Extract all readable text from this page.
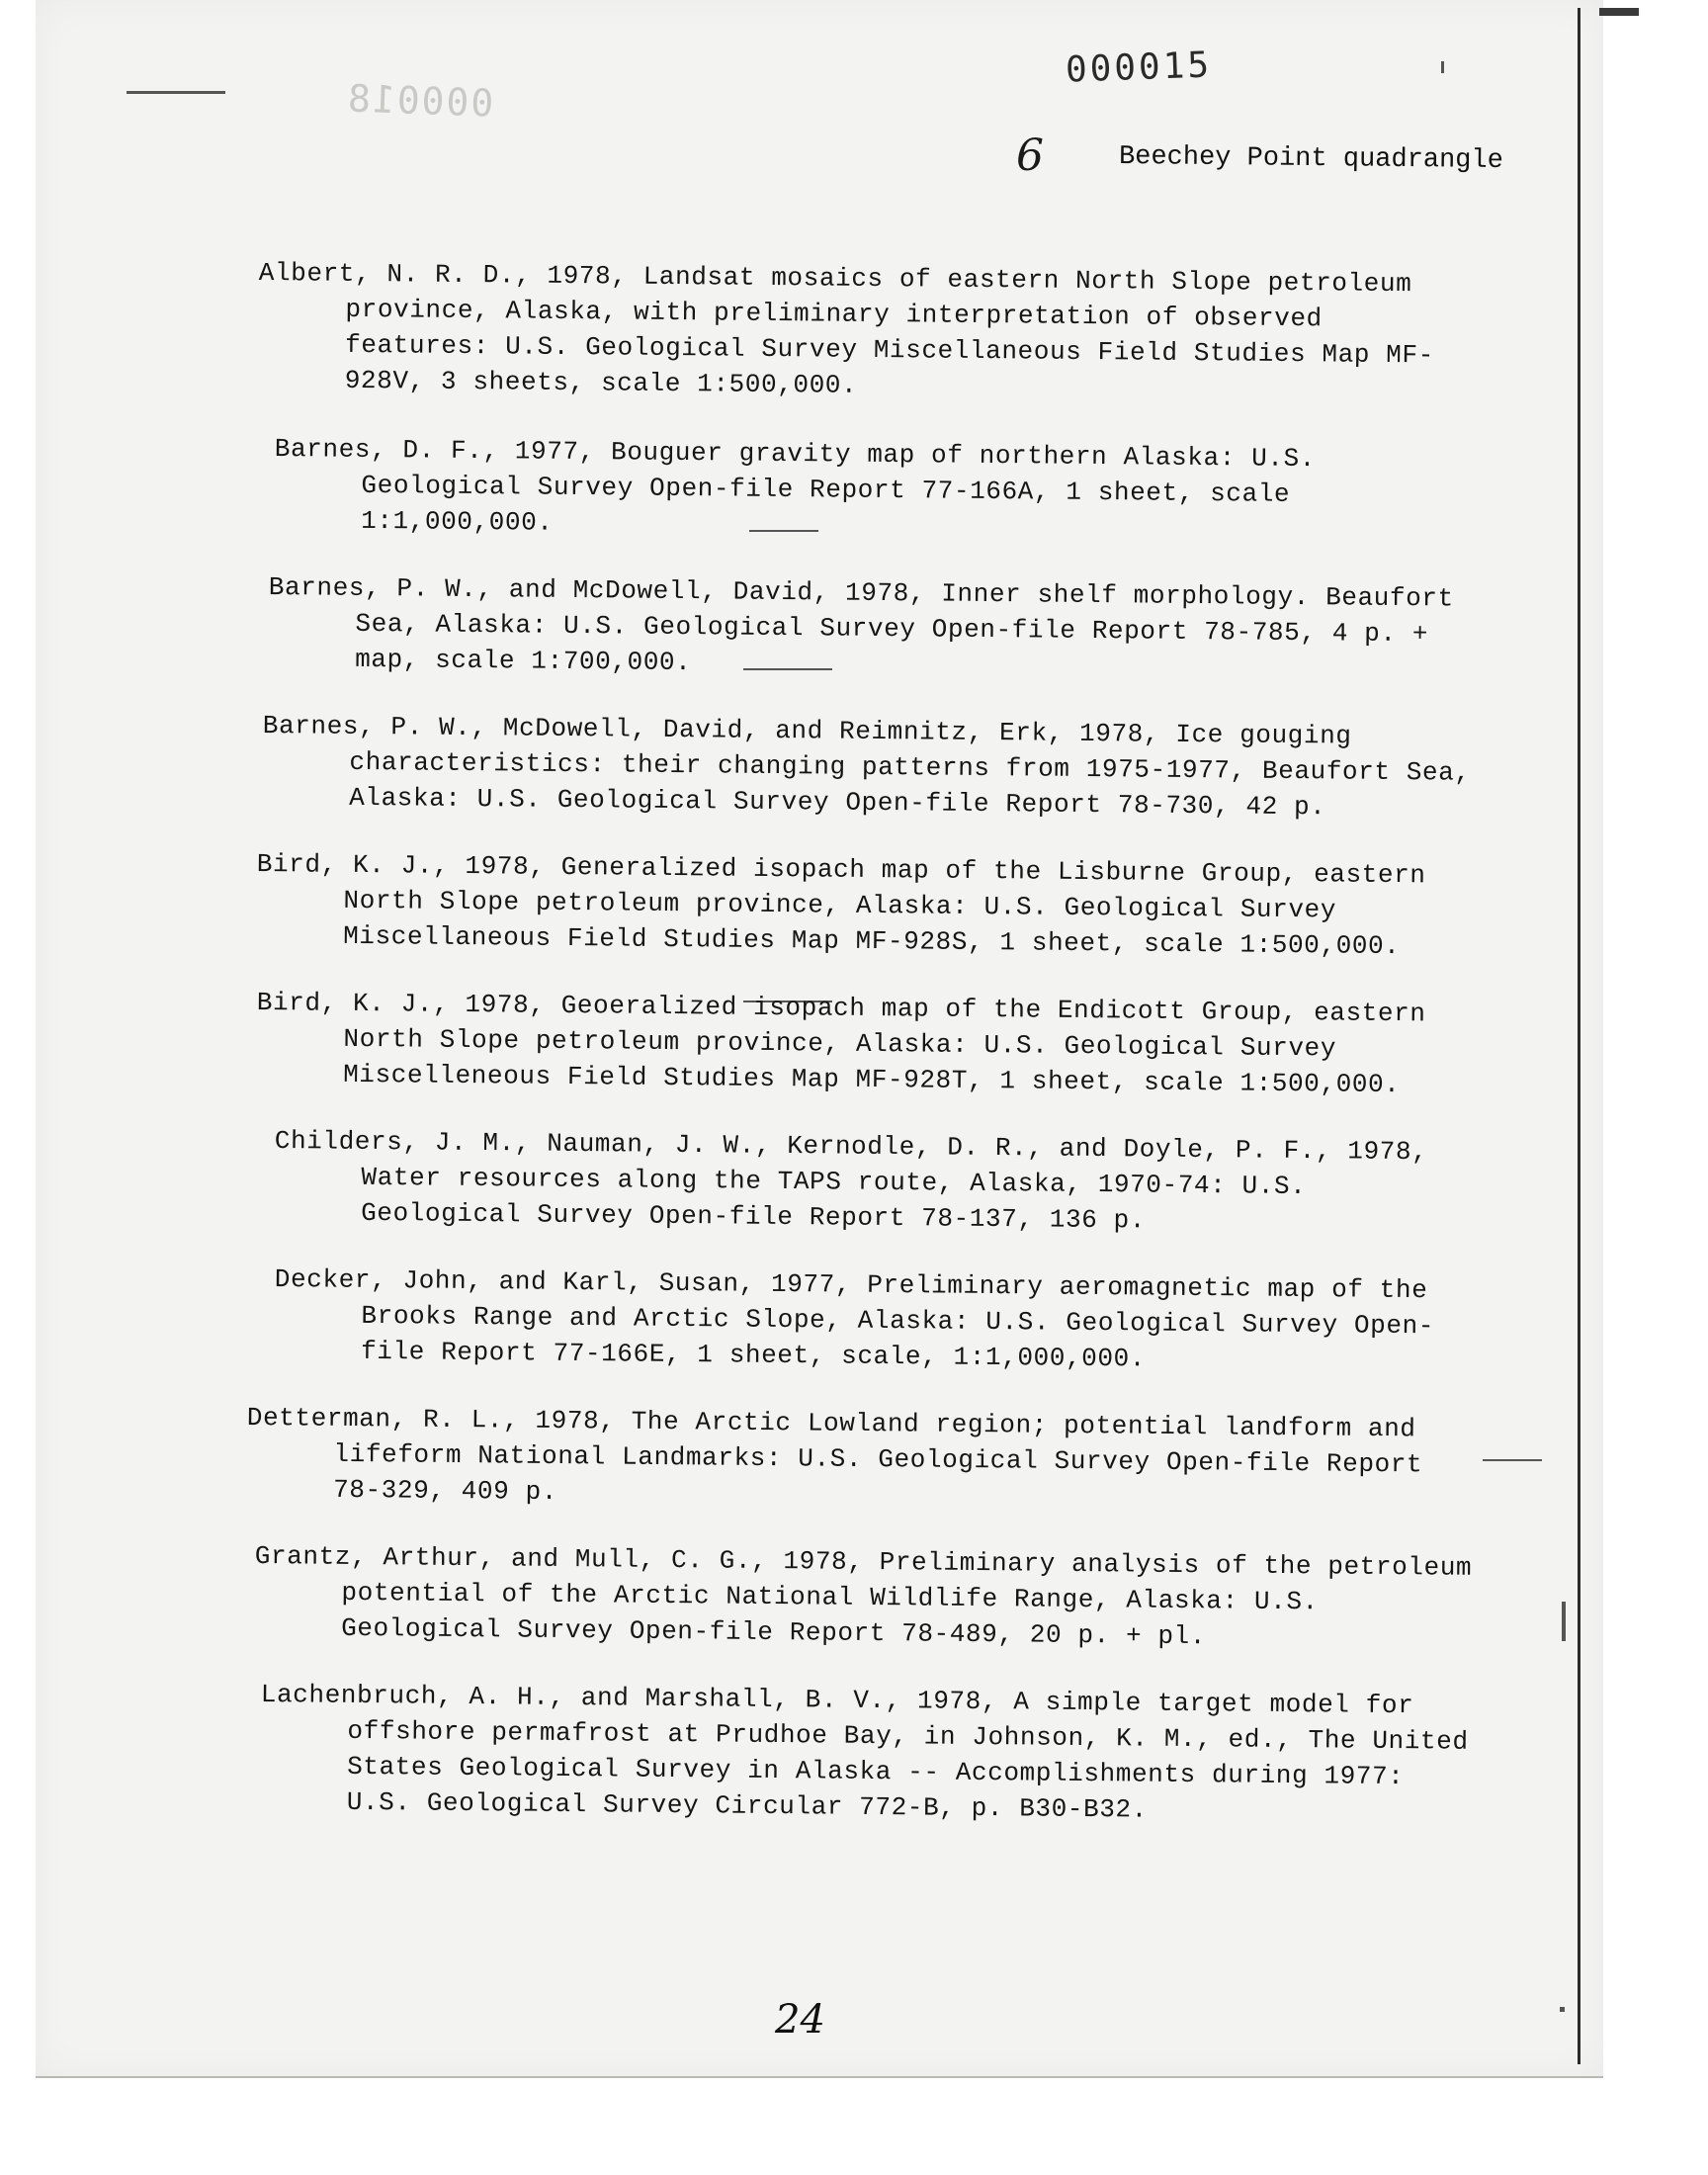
000018
000015
6	Beechey Point quadrangle
Albert, N. R. D., 1978, Landsat mosaics of eastern North Slope petroleum province, Alaska, with preliminary interpretation of observed features: U.S. Geological Survey Miscellaneous Field Studies Map MF-928V, 3 sheets, scale 1:500,000.
Barnes, D. F., 1977, Bouguer gravity map of northern Alaska: U.S. Geological Survey Open-file Report 77-166A, 1 sheet, scale 1:1,000,000.
Barnes, P. W., and McDowell, David, 1978, Inner shelf morphology. Beaufort Sea, Alaska: U.S. Geological Survey Open-file Report 78-785, 4 p. + map, scale 1:700,000.
Barnes, P. W., McDowell, David, and Reimnitz, Erk, 1978, Ice gouging characteristics: their changing patterns from 1975-1977, Beaufort Sea, Alaska: U.S. Geological Survey Open-file Report 78-730, 42 p.
Bird, K. J., 1978, Generalized isopach map of the Lisburne Group, eastern North Slope petroleum province, Alaska: U.S. Geological Survey Miscellaneous Field Studies Map MF-928S, 1 sheet, scale 1:500,000.
Bird, K. J., 1978, Geoeralized isopach map of the Endicott Group, eastern North Slope petroleum province, Alaska: U.S. Geological Survey Miscelleneous Field Studies Map MF-928T, 1 sheet, scale 1:500,000.
Childers, J. M., Nauman, J. W., Kernodle, D. R., and Doyle, P. F., 1978, Water resources along the TAPS route, Alaska, 1970-74: U.S. Geological Survey Open-file Report 78-137, 136 p.
Decker, John, and Karl, Susan, 1977, Preliminary aeromagnetic map of the Brooks Range and Arctic Slope, Alaska: U.S. Geological Survey Open-file Report 77-166E, 1 sheet, scale, 1:1,000,000.
Detterman, R. L., 1978, The Arctic Lowland region; potential landform and lifeform National Landmarks: U.S. Geological Survey Open-file Report 78-329, 409 p.
Grantz, Arthur, and Mull, C. G., 1978, Preliminary analysis of the petroleum potential of the Arctic National Wildlife Range, Alaska: U.S. Geological Survey Open-file Report 78-489, 20 p. + pl.
Lachenbruch, A. H., and Marshall, B. V., 1978, A simple target model for offshore permafrost at Prudhoe Bay, in Johnson, K. M., ed., The United States Geological Survey in Alaska -- Accomplishments during 1977: U.S. Geological Survey Circular 772-B, p. B30-B32.
24
